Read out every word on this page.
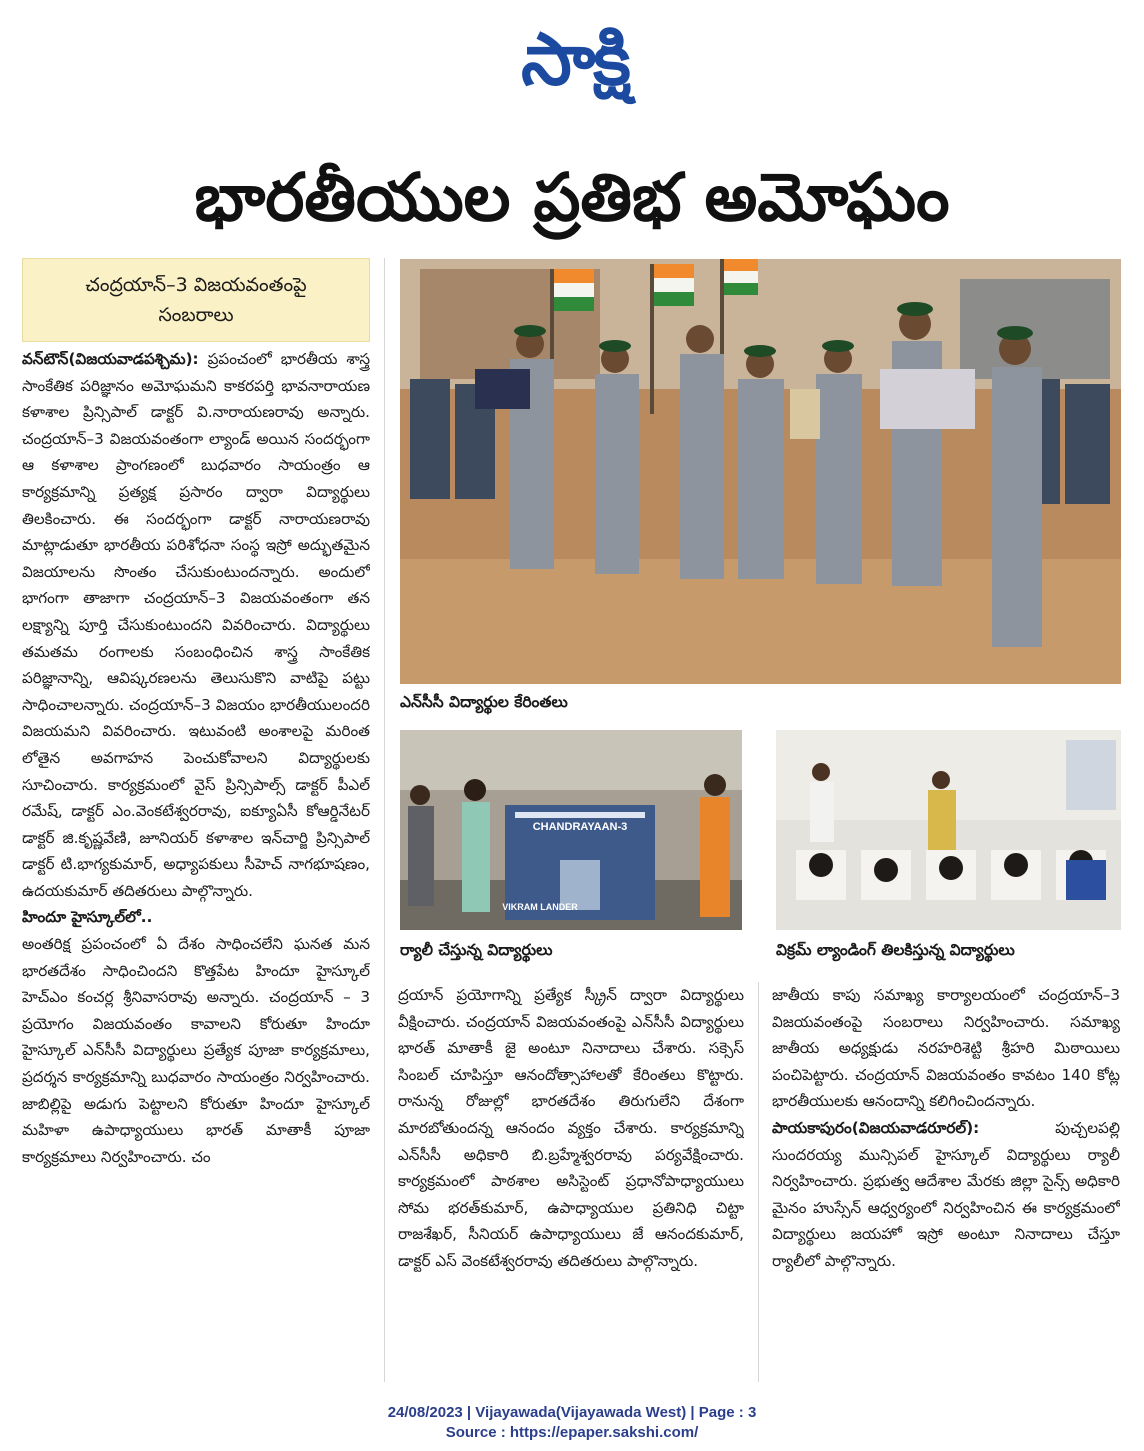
సాక్షి
భారతీయుల ప్రతిభ అమోఘం
చంద్రయాన్‌–3 విజయవంతంపై
సంబరాలు

వన్‌టౌన్‌(విజయవాడపశ్చిమ): ప్రపంచంలో భారతీయ శాస్త్ర సాంకేతిక పరిజ్ఞానం అమోఘమని కాకరపర్తి భావనారాయణ కళాశాల ప్రిన్సిపాల్‌ డాక్టర్‌ వి.నారాయణరావు అన్నారు. చంద్రయాన్‌–3 విజయవంతంగా ల్యాండ్‌ అయిన సందర్భంగా ఆ కళాశాల ప్రాంగణంలో బుధవారం సాయంత్రం ఆ కార్యక్రమాన్ని ప్రత్యక్ష ప్రసారం ద్వారా విద్యార్థులు తిలకించారు. ఈ సందర్భంగా డాక్టర్‌ నారాయణరావు మాట్లాడుతూ భారతీయ పరిశోధనా సంస్థ ఇస్రో అద్భుతమైన విజయాలను సొంతం చేసుకుంటుందన్నారు. అందులో భాగంగా తాజాగా చంద్రయాన్‌–3 విజయవంతంగా తన లక్ష్యాన్ని పూర్తి చేసుకుంటుందని వివరించారు. విద్యార్థులు తమతమ రంగాలకు సంబంధించిన శాస్త్ర సాంకేతిక పరిజ్ఞానాన్ని, ఆవిష్కరణలను తెలుసుకొని వాటిపై పట్టు సాధించాలన్నారు. చంద్రయాన్‌–3 విజయం భారతీయులందరి విజయమని వివరించారు. ఇటువంటి అంశాలపై మరింత లోతైన అవగాహన పెంచుకోవాలని విద్యార్థులకు సూచించారు. కార్యక్రమంలో వైస్‌ ప్రిన్సిపాల్స్‌ డాక్టర్‌ పీఎల్‌ రమేష్‌, డాక్టర్‌ ఎం.వెంకటేశ్వరరావు, ఐక్యూఏసీ కోఆర్డినేటర్‌ డాక్టర్‌ జి.కృష్ణవేణి, జూనియర్‌ కళాశాల ఇన్‌చార్జి ప్రిన్సిపాల్‌ డాక్టర్‌ టి.భాగ్యకుమార్‌, అధ్యాపకులు సీహెచ్‌ నాగభూషణం, ఉదయకుమార్‌ తదితరులు పాల్గొన్నారు.

హిందూ హైస్కూల్‌లో..

అంతరిక్ష ప్రపంచంలో ఏ దేశం సాధించలేని ఘనత మన భారతదేశం సాధించిందని కొత్తపేట హిందూ హైస్కూల్‌ హెచ్‌ఎం కంచర్ల శ్రీనివాసరావు అన్నారు. చంద్రయాన్‌ – 3 ప్రయోగం విజయవంతం కావాలని కోరుతూ హిందూ హైస్కూల్‌ ఎన్‌సీసీ విద్యార్థులు ప్రత్యేక పూజా కార్యక్రమాలు, ప్రదర్శన కార్యక్రమాన్ని బుధవారం సాయంత్రం నిర్వహించారు. జాబిల్లిపై అడుగు పెట్టాలని కోరుతూ హిందూ హైస్కూల్‌ మహిళా ఉపాధ్యాయులు భారత్‌ మాతాకీ పూజా కార్యక్రమాలు నిర్వహించారు. చం

ఎన్‌సీసీ విద్యార్థుల కేరింతలు
CHANDRAYAAN-3
VIKRAM LANDER
ర్యాలీ చేస్తున్న విద్యార్థులు	విక్రమ్‌ ల్యాండింగ్‌ తిలకిస్తున్న విద్యార్థులు

ద్రయాన్‌ ప్రయోగాన్ని ప్రత్యేక స్క్రీన్‌ ద్వారా విద్యార్థులు వీక్షించారు. చంద్రయాన్‌ విజయవంతంపై ఎన్‌సీసీ విద్యార్థులు భారత్‌ మాతాకీ జై అంటూ నినాదాలు చేశారు. సక్సెస్‌ సింబల్‌ చూపిస్తూ ఆనందోత్సాహాలతో కేరింతలు కొట్టారు. రానున్న రోజుల్లో భారతదేశం తిరుగులేని దేశంగా మారబోతుందన్న ఆనందం వ్యక్తం చేశారు. కార్యక్రమాన్ని ఎన్‌సీసీ అధికారి బి.బ్రహ్మేశ్వరరావు పర్యవేక్షించారు. కార్యక్రమంలో పాఠశాల అసిస్టెంట్‌ ప్రధానోపాధ్యాయులు సోమ భరత్‌కుమార్‌, ఉపాధ్యాయుల ప్రతినిధి చిట్టా రాజశేఖర్‌, సీనియర్‌ ఉపాధ్యాయులు జే ఆనందకుమార్‌, డాక్టర్‌ ఎస్‌ వెంకటేశ్వరరావు తదితరులు పాల్గొన్నారు.

జాతీయ కాపు సమాఖ్య కార్యాలయంలో చంద్రయాన్‌–3 విజయవంతంపై సంబరాలు నిర్వహించారు. సమాఖ్య జాతీయ అధ్యక్షుడు నరహరిశెట్టి శ్రీహరి మిఠాయిలు పంచిపెట్టారు. చంద్రయాన్‌ విజయవంతం కావటం 140 కోట్ల భారతీయులకు ఆనందాన్ని కలిగించిందన్నారు.

పాయకాపురం(విజయవాడరూరల్‌):	పుచ్చలపల్లి సుందరయ్య మున్సిపల్‌ హైస్కూల్‌ విద్యార్థులు ర్యాలీ నిర్వహించారు. ప్రభుత్వ ఆదేశాల మేరకు జిల్లా సైన్స్‌ అధికారి మైనం హుస్సేన్‌ ఆధ్వర్యంలో నిర్వహించిన ఈ కార్యక్రమంలో విద్యార్థులు జయహో ఇస్రో అంటూ నినాదాలు చేస్తూ ర్యాలీలో పాల్గొన్నారు.

24/08/2023 | Vijayawada(Vijayawada West) | Page : 3
Source : https://epaper.sakshi.com/
